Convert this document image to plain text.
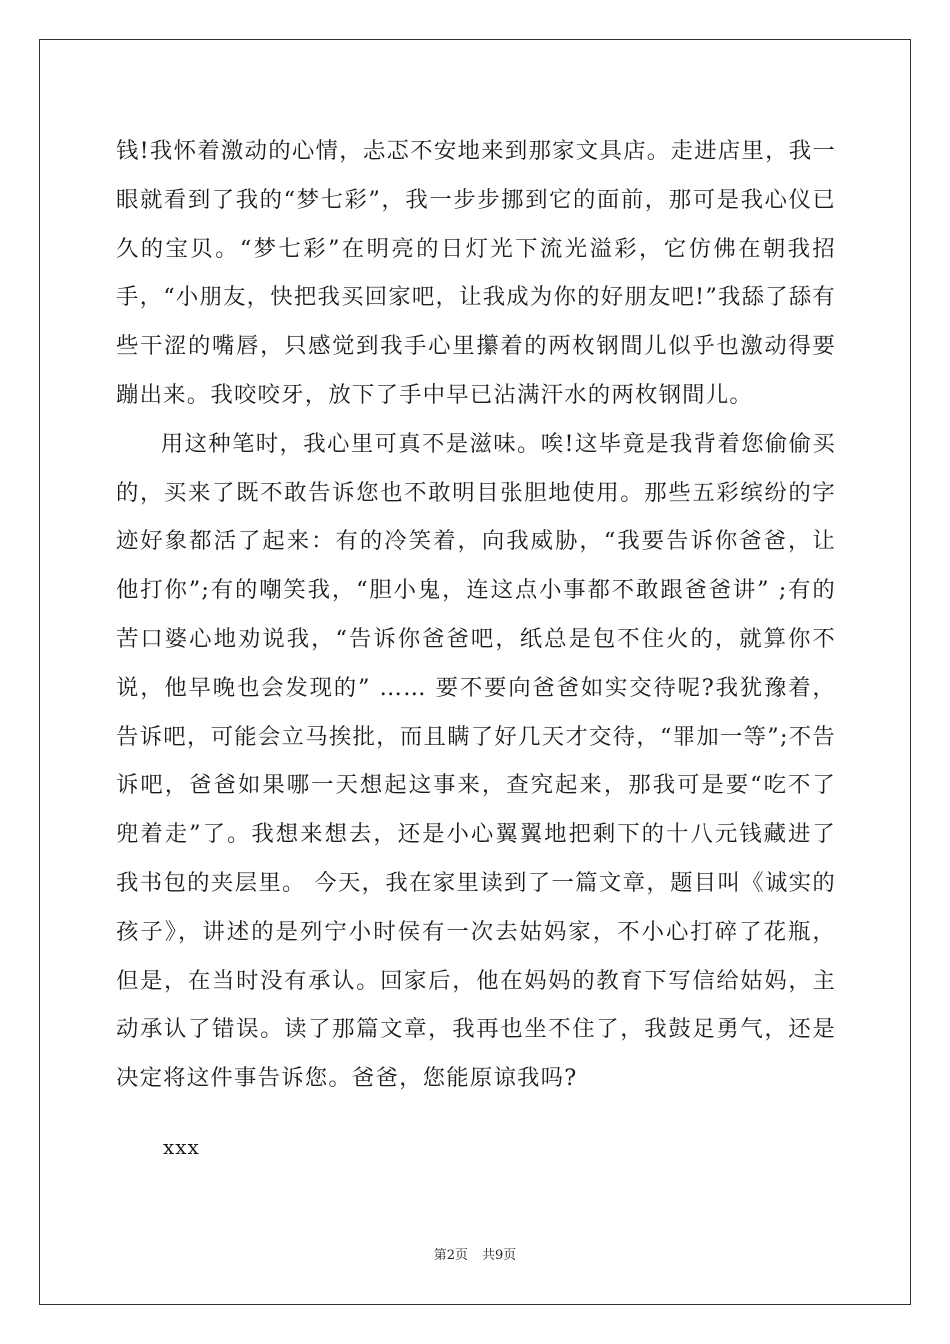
钱!我怀着激动的心情，忐忑不安地来到那家文具店。走进店里，我一眼就看到了我的“梦七彩”，我一步步挪到它的面前，那可是我心仪已久的宝贝。“梦七彩”在明亮的日灯光下流光溢彩，它仿佛在朝我招手，“小朋友，快把我买回家吧，让我成为你的好朋友吧!”我舔了舔有些干涩的嘴唇，只感觉到我手心里攥着的两枚钢間儿似乎也激动得要蹦出来。我咬咬牙，放下了手中早已沾满汗水的两枚钢間儿。

用这种笔时，我心里可真不是滋味。唉!这毕竟是我背着您偷偷买的，买来了既不敢告诉您也不敢明目张胆地使用。那些五彩缤纷的字迹好象都活了起来：有的冷笑着，向我威胁，“我要告诉你爸爸，让他打你”;有的嘲笑我，“胆小鬼，连这点小事都不敢跟爸爸讲” ;有的苦口婆心地劝说我，“告诉你爸爸吧，纸总是包不住火的，就算你不说，他早晚也会发现的” …… 要不要向爸爸如实交待呢?我犹豫着，告诉吧，可能会立马挨批，而且瞒了好几天才交待，“罪加一等”;不告诉吧，爸爸如果哪一天想起这事来，查究起来，那我可是要“吃不了兜着走”了。我想来想去，还是小心翼翼地把剩下的十八元钱藏进了我书包的夹层里。 今天，我在家里读到了一篇文章，题目叫《诚实的孩子》，讲述的是列宁小时侯有一次去姑妈家，不小心打碎了花瓶，但是，在当时没有承认。回家后，他在妈妈的教育下写信给姑妈，主动承认了错误。读了那篇文章，我再也坐不住了，我鼓足勇气，还是决定将这件事告诉您。爸爸，您能原谅我吗?

xxx
第2页 共9页
